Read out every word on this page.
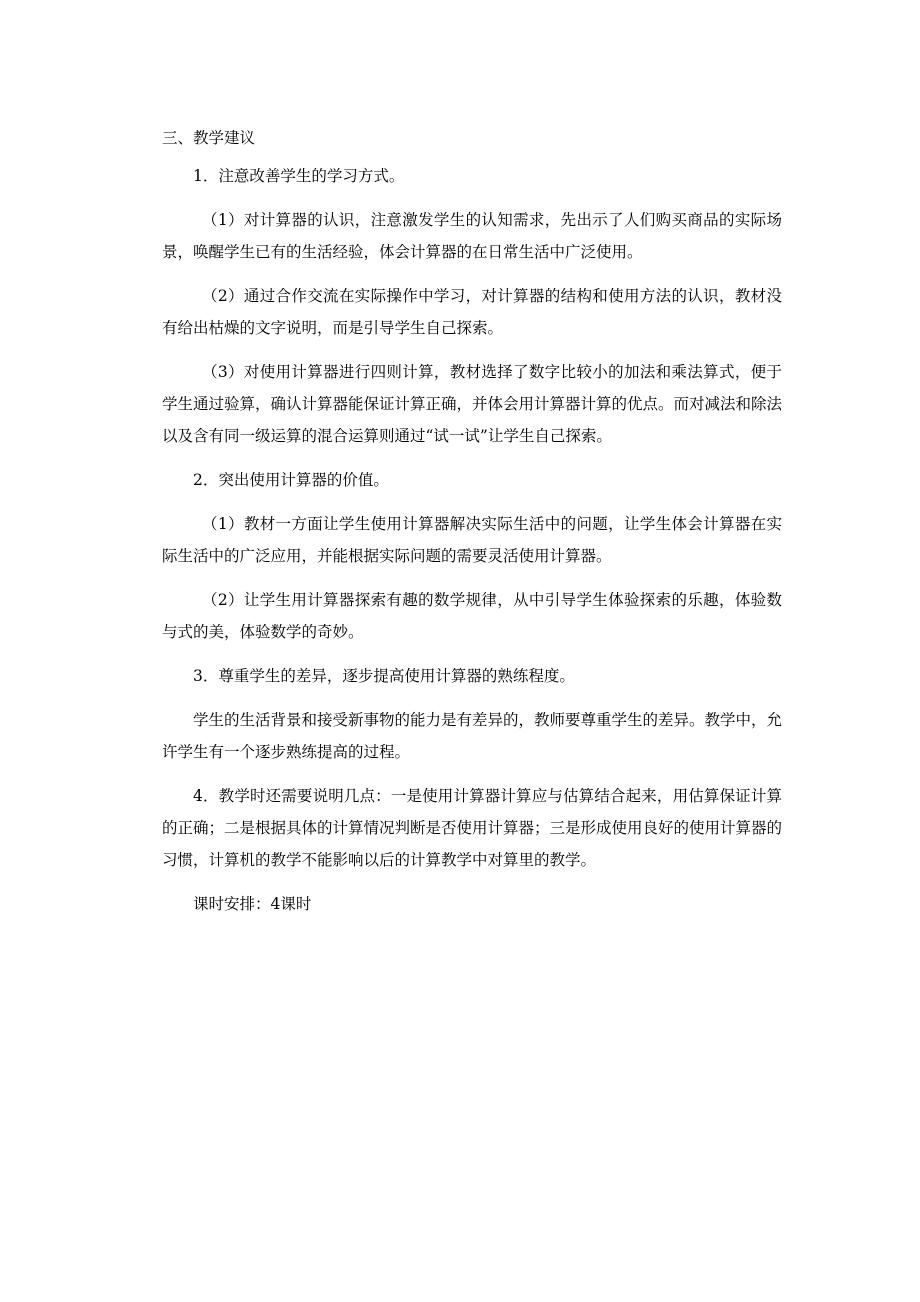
三、教学建议

1．注意改善学生的学习方式。

（1）对计算器的认识，注意激发学生的认知需求，先出示了人们购买商品的实际场景，唤醒学生已有的生活经验，体会计算器的在日常生活中广泛使用。

（2）通过合作交流在实际操作中学习，对计算器的结构和使用方法的认识，教材没有给出枯燥的文字说明，而是引导学生自己探索。

（3）对使用计算器进行四则计算，教材选择了数字比较小的加法和乘法算式，便于学生通过验算，确认计算器能保证计算正确，并体会用计算器计算的优点。而对减法和除法以及含有同一级运算的混合运算则通过“试一试”让学生自己探索。

2．突出使用计算器的价值。

（1）教材一方面让学生使用计算器解决实际生活中的问题，让学生体会计算器在实际生活中的广泛应用，并能根据实际问题的需要灵活使用计算器。

（2）让学生用计算器探索有趣的数学规律，从中引导学生体验探索的乐趣，体验数与式的美，体验数学的奇妙。

3．尊重学生的差异，逐步提高使用计算器的熟练程度。

学生的生活背景和接受新事物的能力是有差异的，教师要尊重学生的差异。教学中，允许学生有一个逐步熟练提高的过程。

4．教学时还需要说明几点：一是使用计算器计算应与估算结合起来，用估算保证计算的正确；二是根据具体的计算情况判断是否使用计算器；三是形成使用良好的使用计算器的习惯，计算机的教学不能影响以后的计算教学中对算里的教学。

课时安排：4课时
